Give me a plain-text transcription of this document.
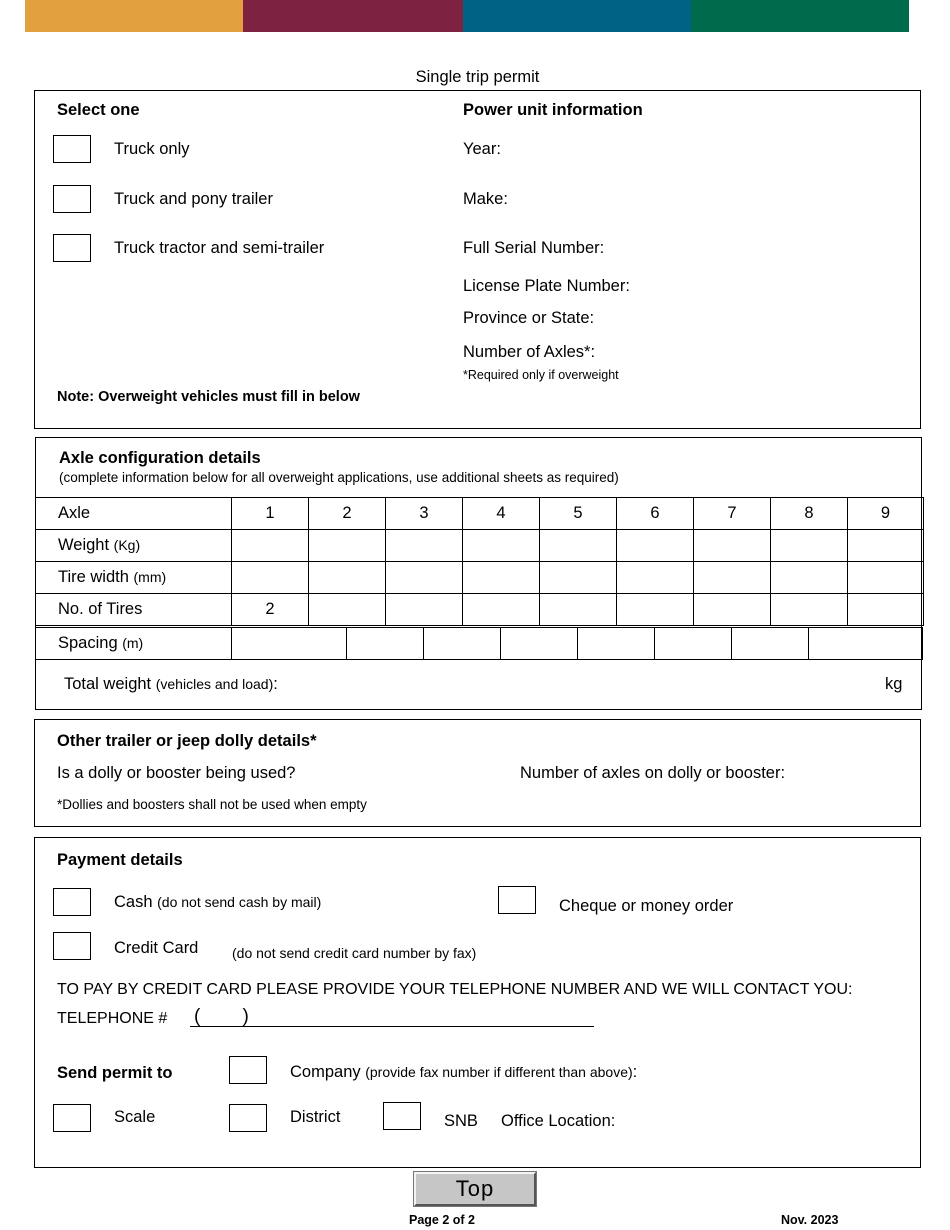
Single trip permit
Select one
Truck only
Truck and pony trailer
Truck tractor and semi-trailer
Note: Overweight vehicles must fill in below
Power unit information
Year:
Make:
Full Serial Number:
License Plate Number:
Province or State:
Number of Axles*:
*Required only if overweight
Axle configuration details
(complete information below for all overweight applications, use additional sheets as required)
Axle	1	2	3	4	5	6	7	8	9
Weight (Kg)									
Tire width (mm)									
No. of Tires	2								
Spacing (m)								
Total weight (vehicles and load):	kg
Other trailer or jeep dolly details*
Is a dolly or booster being used?	Number of axles on dolly or booster:
*Dollies and boosters shall not be used when empty
Payment details
Cash (do not send cash by mail)	Cheque or money order
Credit Card (do not send credit card number by fax)
TO PAY BY CREDIT CARD PLEASE PROVIDE YOUR TELEPHONE NUMBER AND WE WILL CONTACT YOU:
TELEPHONE # (        )
Send permit to	Company (provide fax number if different than above):
Scale	District	SNB Office Location:
Top
Page 2 of 2	Nov. 2023
